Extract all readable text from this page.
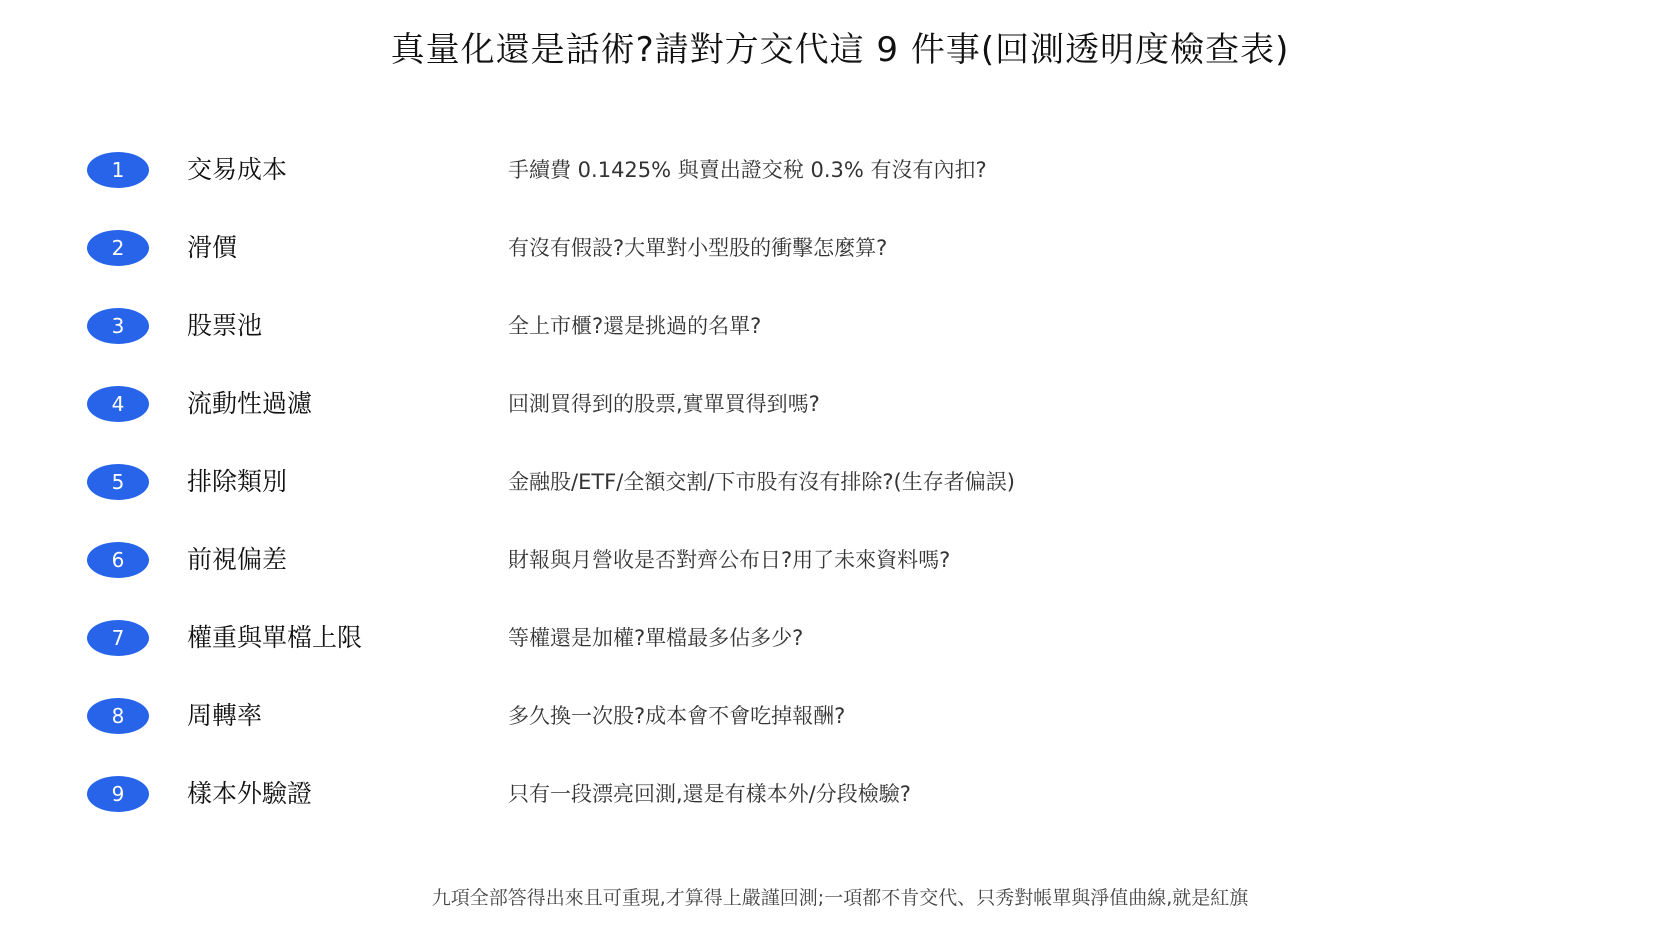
真量化還是話術?請對方交代這 9 件事(回測透明度檢查表)
1	交易成本	手續費 0.1425% 與賣出證交稅 0.3% 有沒有內扣?
2	滑價	有沒有假設?大單對小型股的衝擊怎麼算?
3	股票池	全上市櫃?還是挑過的名單?
4	流動性過濾	回測買得到的股票,實單買得到嗎?
5	排除類別	金融股/ETF/全額交割/下市股有沒有排除?(生存者偏誤)
6	前視偏差	財報與月營收是否對齊公布日?用了未來資料嗎?
7	權重與單檔上限	等權還是加權?單檔最多佔多少?
8	周轉率	多久換一次股?成本會不會吃掉報酬?
9	樣本外驗證	只有一段漂亮回測,還是有樣本外/分段檢驗?
九項全部答得出來且可重現,才算得上嚴謹回測;一項都不肯交代、只秀對帳單與淨值曲線,就是紅旗
